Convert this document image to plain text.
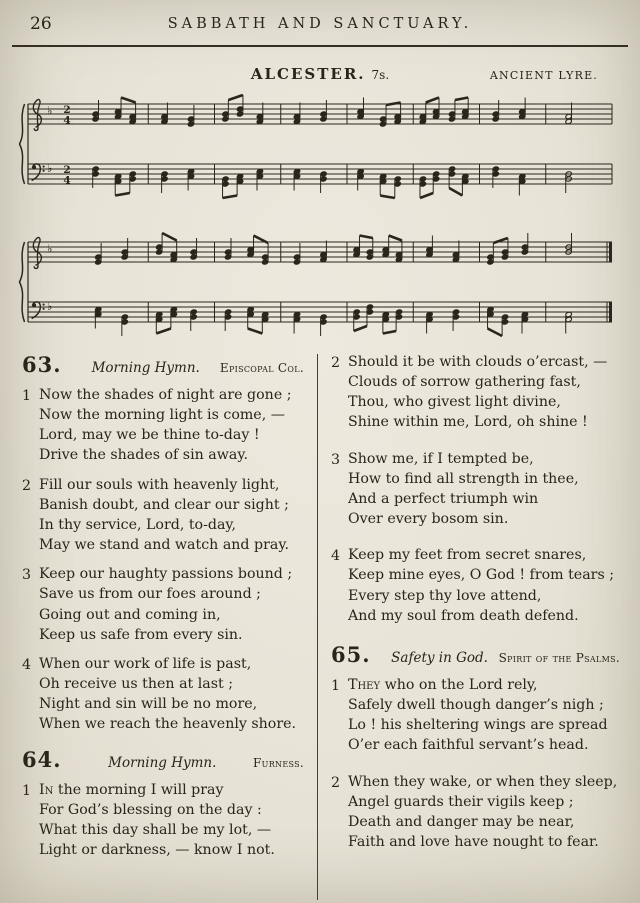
26	SABBATH AND SANCTUARY.
ALCESTER. 7s.	ANCIENT LYRE.
♭
♭
2
4
2
4
♭
♭
63.	Morning Hymn.	Episcopal Col.
1 Now the shades of night are gone ;
Now the morning light is come, —
Lord, may we be thine to-day !
Drive the shades of sin away.
2 Fill our souls with heavenly light,
Banish doubt, and clear our sight ;
In thy service, Lord, to-day,
May we stand and watch and pray.
3 Keep our haughty passions bound ;
Save us from our foes around ;
Going out and coming in,
Keep us safe from every sin.
4 When our work of life is past,
Oh receive us then at last ;
Night and sin will be no more,
When we reach the heavenly shore.
64.	Morning Hymn.	Furness.
1 In the morning I will pray
For God’s blessing on the day :
What this day shall be my lot, —
Light or darkness, — know I not.
2 Should it be with clouds o’ercast, —
Clouds of sorrow gathering fast,
Thou, who givest light divine,
Shine within me, Lord, oh shine !
3 Show me, if I tempted be,
How to find all strength in thee,
And a perfect triumph win
Over every bosom sin.
4 Keep my feet from secret snares,
Keep mine eyes, O God ! from tears ;
Every step thy love attend,
And my soul from death defend.
65.	Safety in God. Spirit of the Psalms.
1 They who on the Lord rely,
Safely dwell though danger’s nigh ;
Lo ! his sheltering wings are spread
O’er each faithful servant’s head.
2 When they wake, or when they sleep,
Angel guards their vigils keep ;
Death and danger may be near,
Faith and love have nought to fear.
